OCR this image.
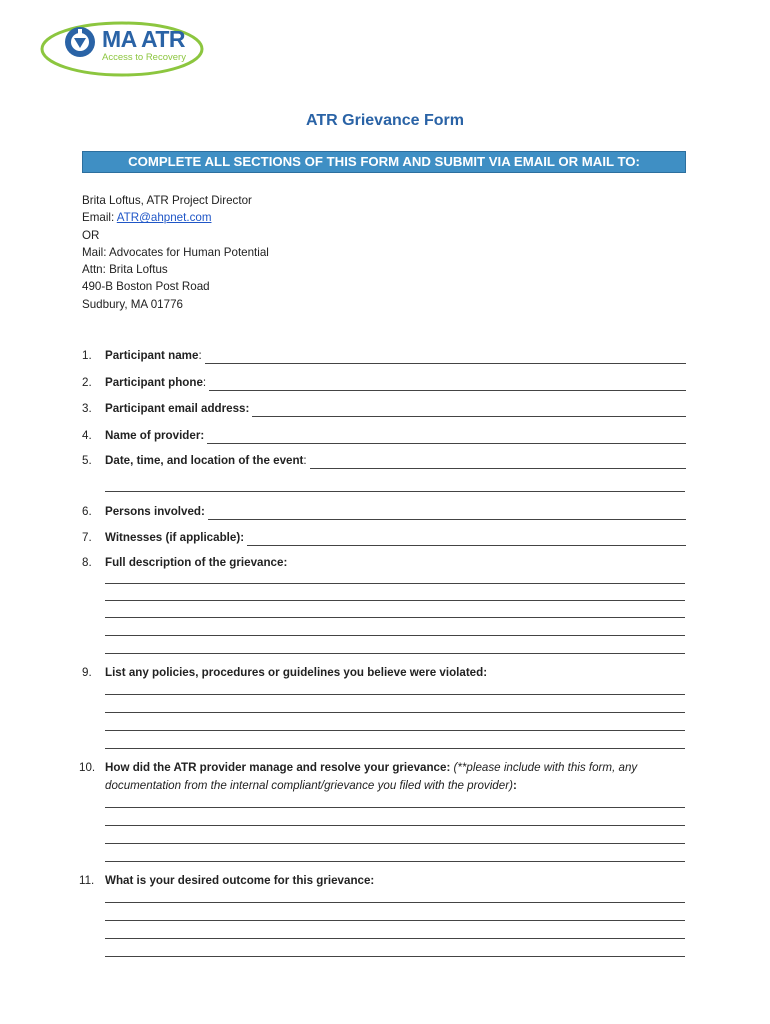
MA ATR
Access to Recovery
ATR Grievance Form
COMPLETE ALL SECTIONS OF THIS FORM AND SUBMIT VIA EMAIL OR MAIL TO:
Brita Loftus, ATR Project Director
Email: ATR@ahpnet.com
OR
Mail: Advocates for Human Potential
Attn: Brita Loftus
490-B Boston Post Road
Sudbury, MA 01776
1. Participant name :
2. Participant phone :
3. Participant email address:
4. Name of provider:
5. Date, time, and location of the event :
6. Persons involved:
7. Witnesses (if applicable):
8. Full description of the grievance:
9. List any policies, procedures or guidelines you believe were violated:
10. How did the ATR provider manage and resolve your grievance: (**please include with this form, any
documentation from the internal compliant/grievance you filed with the provider):
11. What is your desired outcome for this grievance:
